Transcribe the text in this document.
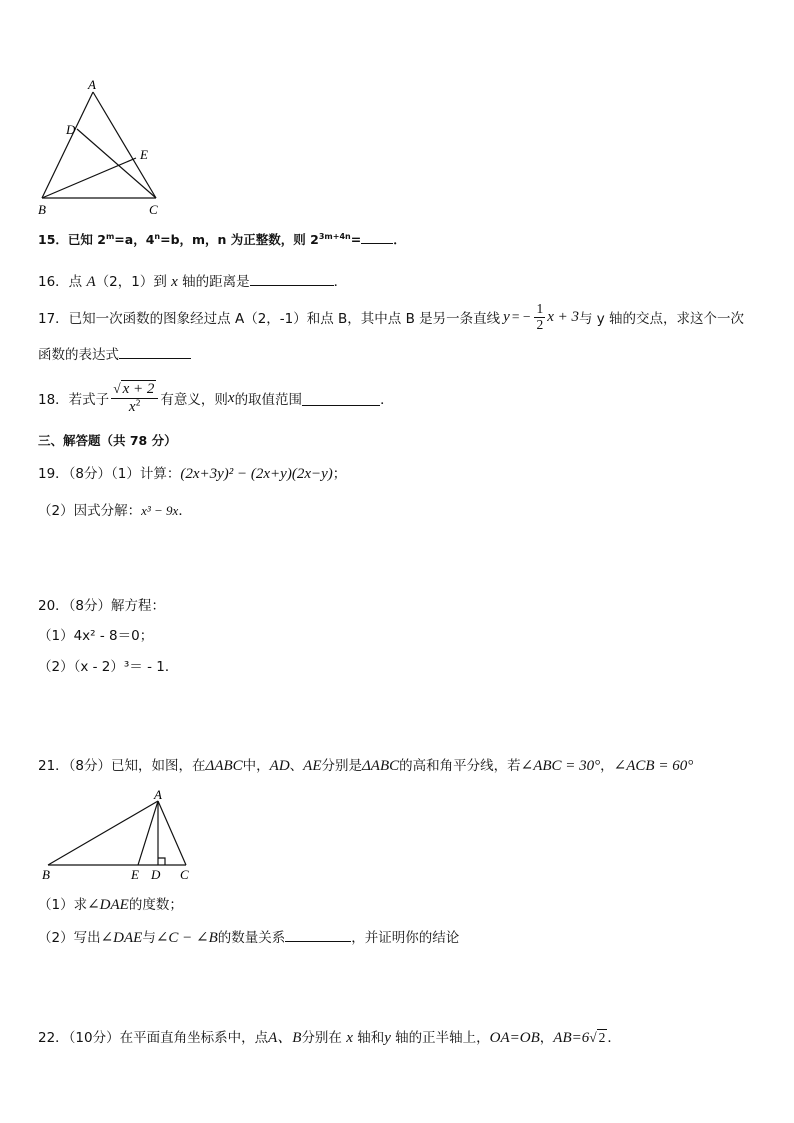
A
D
E
B	C
15．已知 $2^m=a$，$4^n=b$，m，n 为正整数，则 $2^{3m+4n}=$	．
16．点 A（2，1）到 x 轴的距离是	．
17．已知一次函数的图象经过点 A（2，-1）和点 B，其中点 B 是另一条直线 y = − $\frac{1}{2}$ x + 3 与 y 轴的交点，求这个一次
函数的表达式
18．若式子 $\frac{√ x + 2}{x^2}$ 有意义，则 x 的取值范围	．
三、解答题（共 78 分）
19．（8分）（1）计算：(2x+3y)² − (2x+y)(2x−y)；
（2）因式分解：x³ − 9x．
20．（8分）解方程：
（1）4x² - 8＝0；
（2）（x - 2）³＝ - 1．
21．（8分）已知，如图，在ΔABC中，AD、AE分别是ΔABC的高和角平分线，若∠ABC = 30°，∠ACB = 60°
A
B	E D C
（1）求∠DAE的度数；
（2）写出∠DAE与∠C − ∠B的数量关系	，并证明你的结论
22．（10分）在平面直角坐标系中，点A、B分别在 x 轴和y 轴的正半轴上，OA=OB，AB=6√ 2 ．
